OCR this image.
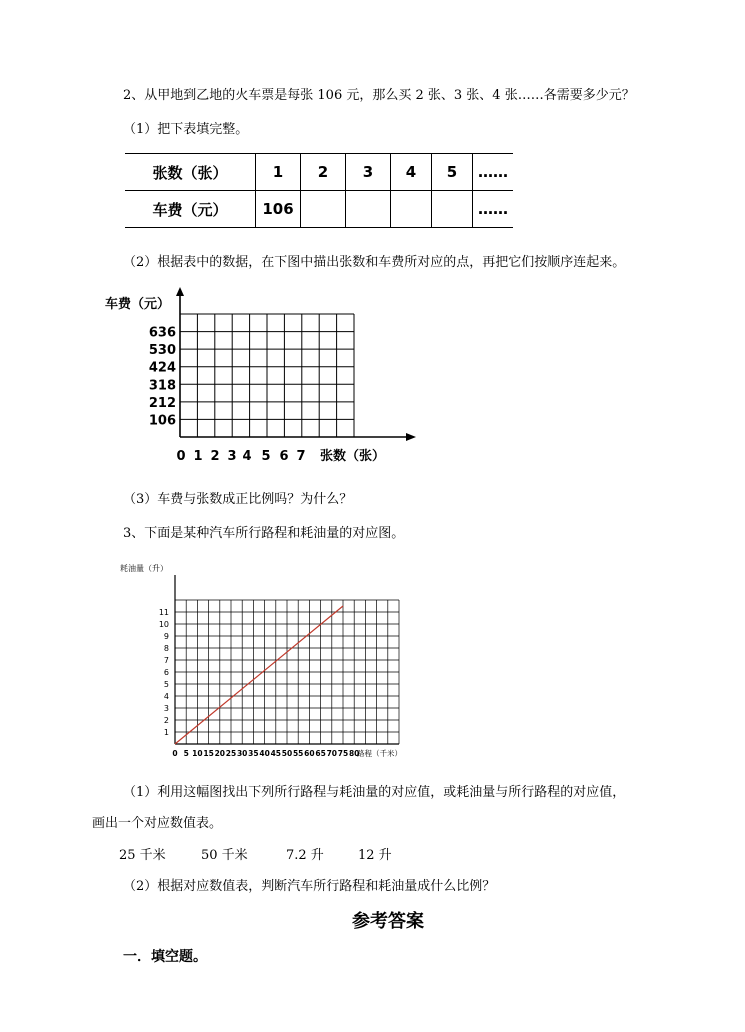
2、从甲地到乙地的火车票是每张 106 元，那么买 2 张、3 张、4 张……各需要多少元？
（1）把下表填完整。
张数（张）	1	2	3	4	5	……
车费（元）	106					……
（2）根据表中的数据，在下图中描出张数和车费所对应的点，再把它们按顺序连起来。
106
212
318
424
530
636
0 1 2 3 4 5 6 7
车费（元）
张数（张）
1
2
3
4
5
6
7
8
9
10
11
0 5 10 15 20 25 30 35 40 45 50 55 60 65 70 75 80
耗油量（升）
路程（千米）
（3）车费与张数成正比例吗？为什么？
3、下面是某种汽车所行路程和耗油量的对应图。
（1）利用这幅图找出下列所行路程与耗油量的对应值，或耗油量与所行路程的对应值，
画出一个对应数值表。
25 千米	50 千米	7.2 升	12 升
（2）根据对应数值表，判断汽车所行路程和耗油量成什么比例？
参考答案
一．填空题。
